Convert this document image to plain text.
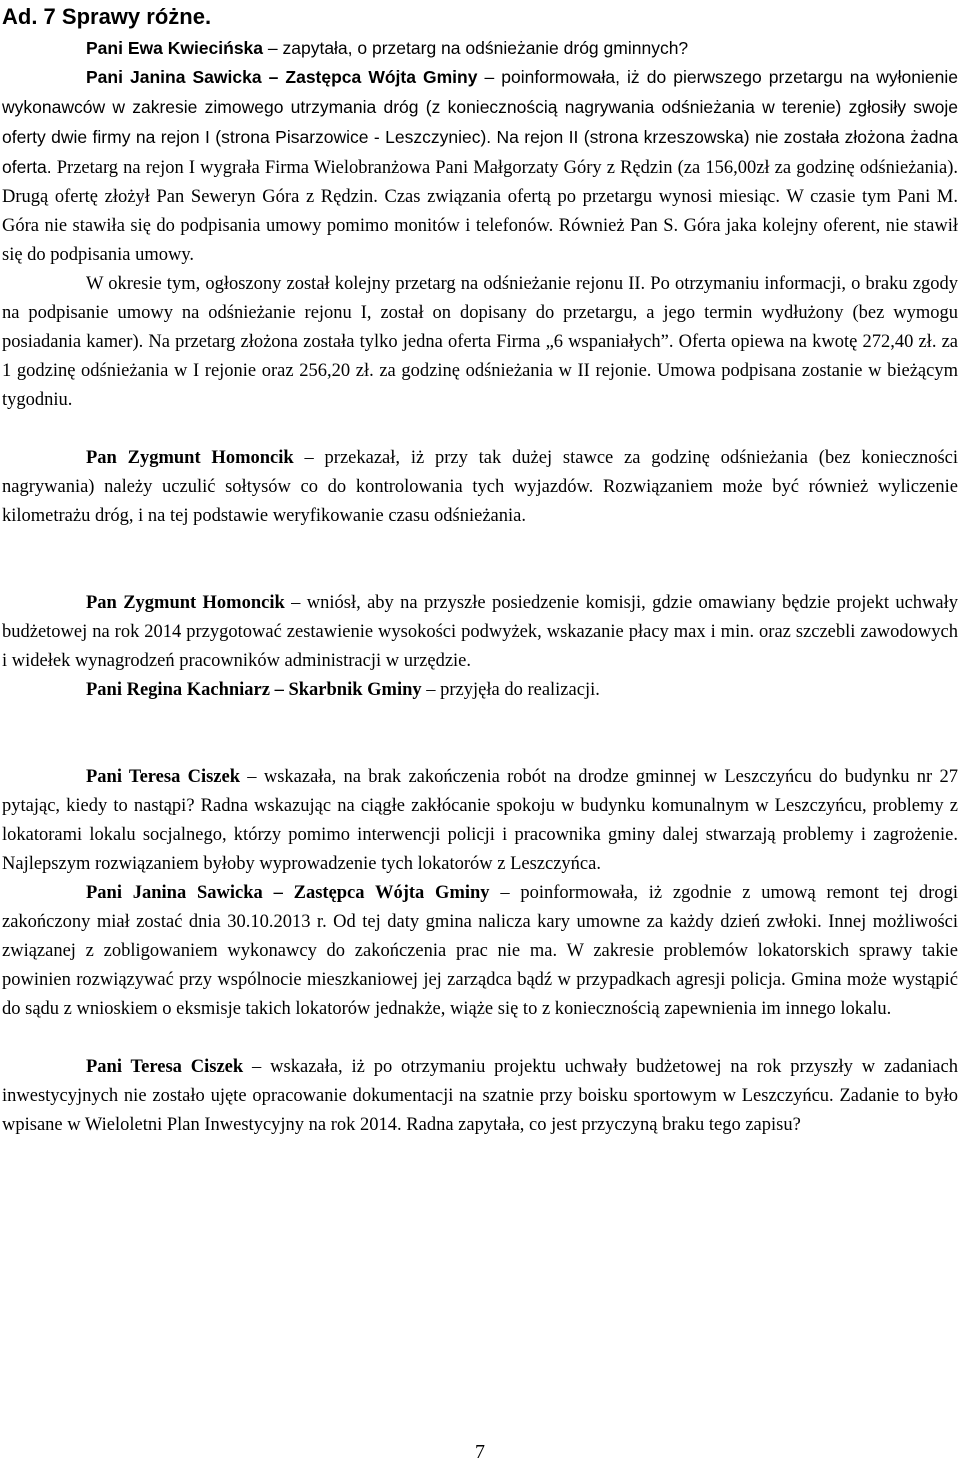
Ad. 7 Sprawy różne.

Pani Ewa Kwiecińska – zapytała, o przetarg na odśnieżanie dróg gminnych?

Pani Janina Sawicka – Zastępca Wójta Gminy – poinformowała, iż do pierwszego przetargu na wyłonienie wykonawców w zakresie zimowego utrzymania dróg (z koniecznością nagrywania odśnieżania w terenie) zgłosiły swoje oferty dwie firmy na rejon I (strona Pisarzowice - Leszczyniec). Na rejon II (strona krzeszowska) nie została złożona żadna oferta. Przetarg na rejon I wygrała Firma Wielobranżowa Pani Małgorzaty Góry z Rędzin (za 156,00zł za godzinę odśnieżania). Drugą ofertę złożył Pan Seweryn Góra z Rędzin. Czas związania ofertą po przetargu wynosi miesiąc. W czasie tym Pani M. Góra nie stawiła się do podpisania umowy pomimo monitów i telefonów. Również Pan S. Góra jaka kolejny oferent, nie stawił się do podpisania umowy.

W okresie tym, ogłoszony został kolejny przetarg na odśnieżanie rejonu II. Po otrzymaniu informacji, o braku zgody na podpisanie umowy na odśnieżanie rejonu I, został on dopisany do przetargu, a jego termin wydłużony (bez wymogu posiadania kamer). Na przetarg złożona została tylko jedna oferta Firma „6 wspaniałych”. Oferta opiewa na kwotę 272,40 zł. za 1 godzinę odśnieżania w I rejonie oraz 256,20 zł. za godzinę odśnieżania w II rejonie. Umowa podpisana zostanie w bieżącym tygodniu.

Pan Zygmunt Homoncik – przekazał, iż przy tak dużej stawce za godzinę odśnieżania (bez konieczności nagrywania) należy uczulić sołtysów co do kontrolowania tych wyjazdów. Rozwiązaniem może być również wyliczenie kilometrażu dróg, i na tej podstawie weryfikowanie czasu odśnieżania.

Pan Zygmunt Homoncik – wniósł, aby na przyszłe posiedzenie komisji, gdzie omawiany będzie projekt uchwały budżetowej na rok 2014 przygotować zestawienie wysokości podwyżek, wskazanie płacy max i min. oraz szczebli zawodowych i widełek wynagrodzeń pracowników administracji w urzędzie.

Pani Regina Kachniarz – Skarbnik Gminy – przyjęła do realizacji.

Pani Teresa Ciszek – wskazała, na brak zakończenia robót na drodze gminnej w Leszczyńcu do budynku nr 27 pytając, kiedy to nastąpi? Radna wskazując na ciągłe zakłócanie spokoju w budynku komunalnym w Leszczyńcu, problemy z lokatorami lokalu socjalnego, którzy pomimo interwencji policji i pracownika gminy dalej stwarzają problemy i zagrożenie. Najlepszym rozwiązaniem byłoby wyprowadzenie tych lokatorów z Leszczyńca.

Pani Janina Sawicka – Zastępca Wójta Gminy – poinformowała, iż zgodnie z umową remont tej drogi zakończony miał zostać dnia 30.10.2013 r. Od tej daty gmina nalicza kary umowne za każdy dzień zwłoki. Innej możliwości związanej z zobligowaniem wykonawcy do zakończenia prac nie ma. W zakresie problemów lokatorskich sprawy takie powinien rozwiązywać przy wspólnocie mieszkaniowej jej zarządca bądź w przypadkach agresji policja. Gmina może wystąpić do sądu z wnioskiem o eksmisje takich lokatorów jednakże, wiąże się to z koniecznością zapewnienia im innego lokalu.

Pani Teresa Ciszek – wskazała, iż po otrzymaniu projektu uchwały budżetowej na rok przyszły w zadaniach inwestycyjnych nie zostało ujęte opracowanie dokumentacji na szatnie przy boisku sportowym w Leszczyńcu. Zadanie to było wpisane w Wieloletni Plan Inwestycyjny na rok 2014. Radna zapytała, co jest przyczyną braku tego zapisu?

7
